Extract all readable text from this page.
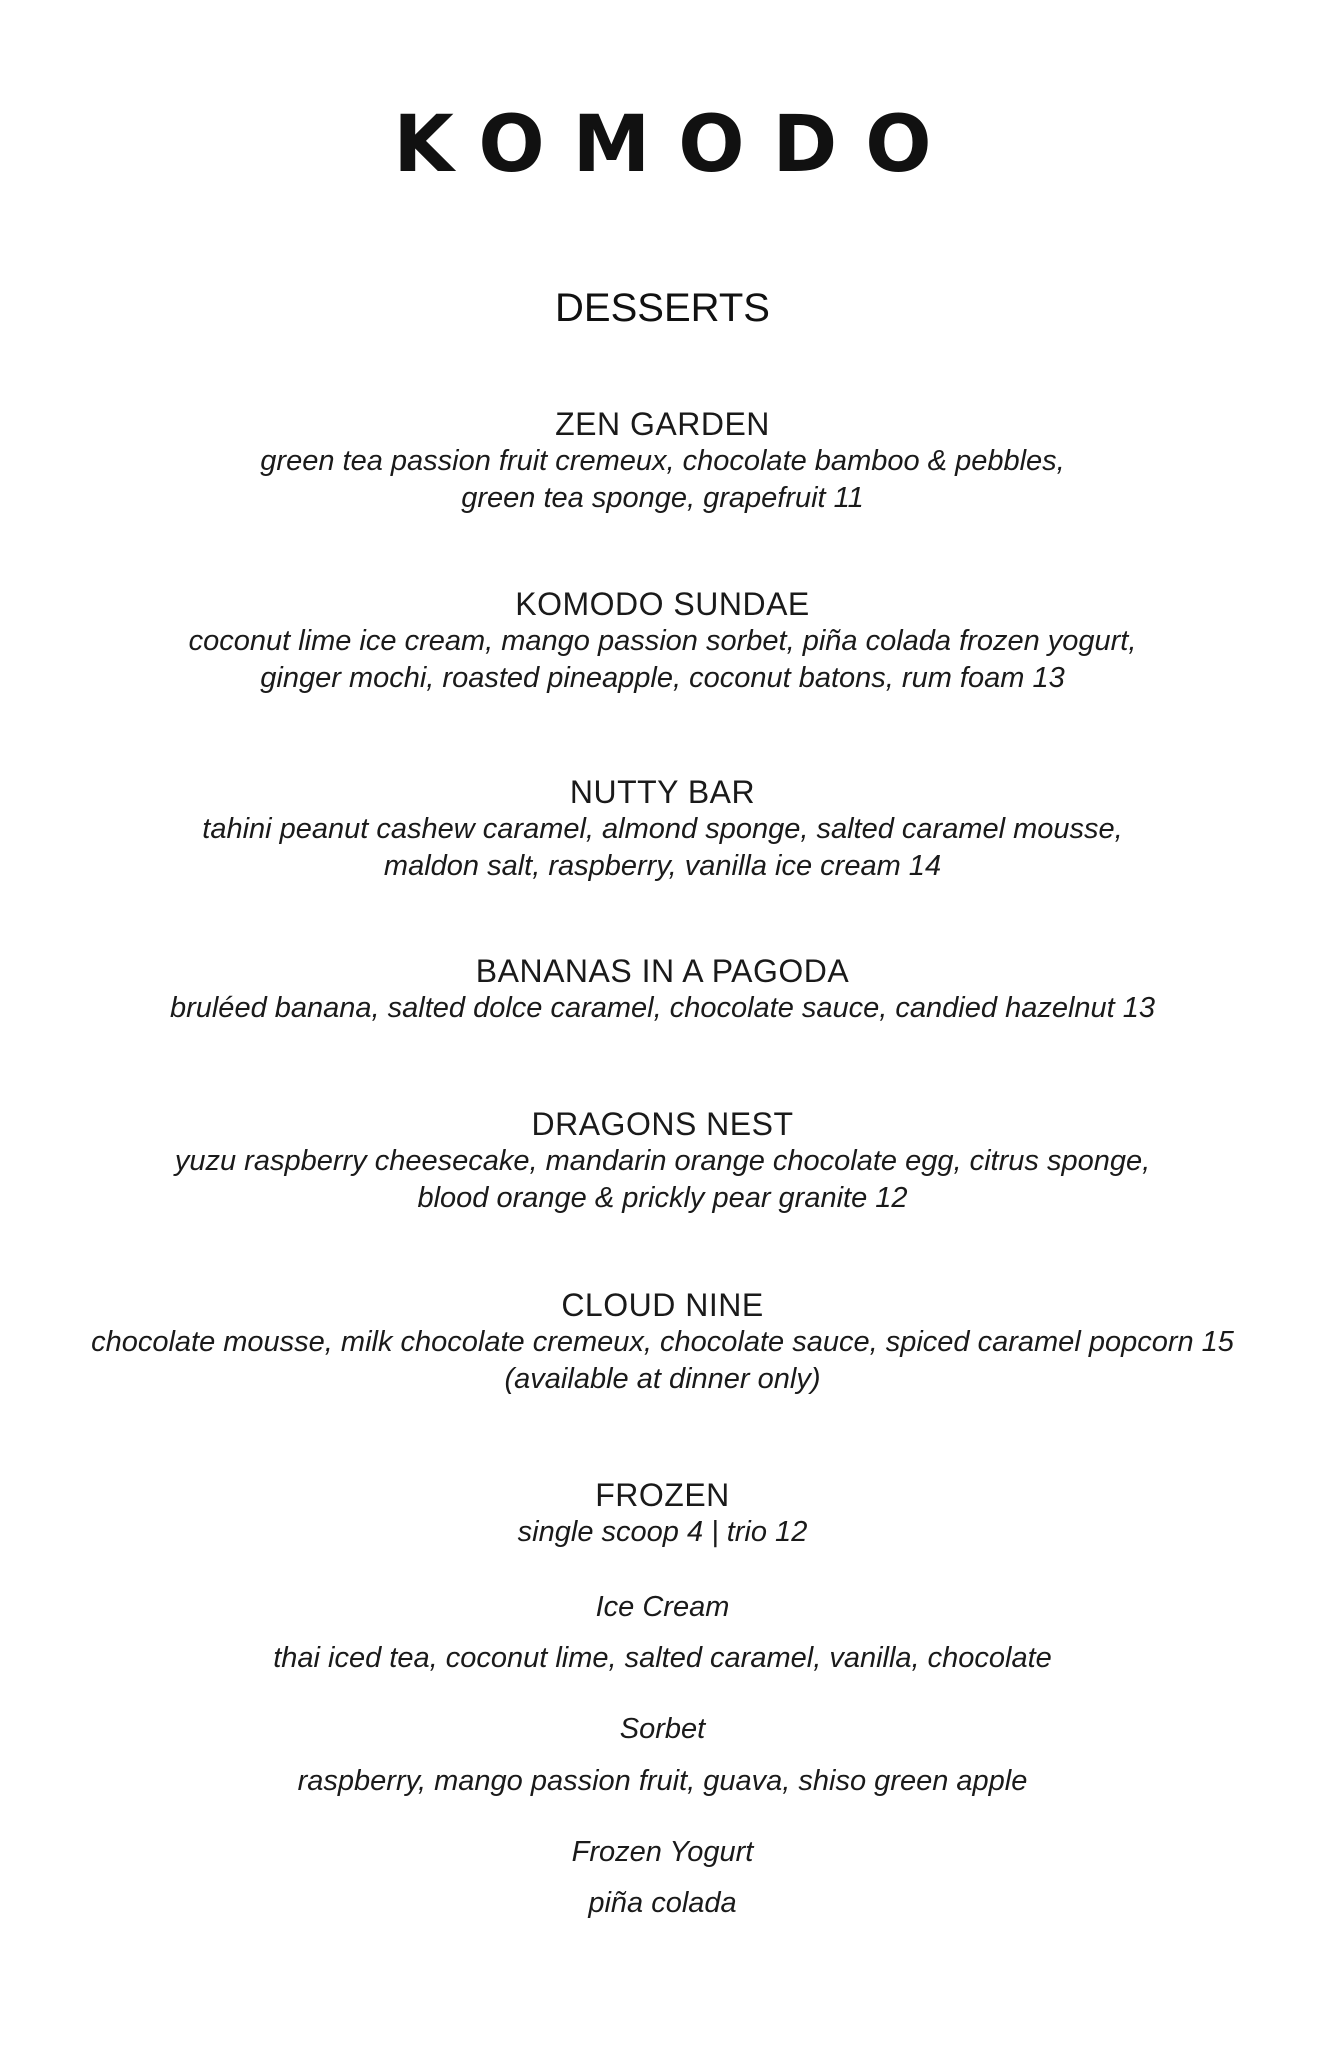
KOMODO
DESSERTS
ZEN GARDEN
green tea passion fruit cremeux, chocolate bamboo & pebbles,
green tea sponge, grapefruit 11
KOMODO SUNDAE
coconut lime ice cream, mango passion sorbet, piña colada frozen yogurt,
ginger mochi, roasted pineapple, coconut batons, rum foam 13
NUTTY BAR
tahini peanut cashew caramel, almond sponge, salted caramel mousse,
maldon salt, raspberry, vanilla ice cream 14
BANANAS IN A PAGODA
bruléed banana, salted dolce caramel, chocolate sauce, candied hazelnut 13
DRAGONS NEST
yuzu raspberry cheesecake, mandarin orange chocolate egg, citrus sponge,
blood orange & prickly pear granite 12
CLOUD NINE
chocolate mousse, milk chocolate cremeux, chocolate sauce, spiced caramel popcorn 15
(available at dinner only)
FROZEN
single scoop 4 | trio 12
Ice Cream
thai iced tea, coconut lime, salted caramel, vanilla, chocolate
Sorbet
raspberry, mango passion fruit, guava, shiso green apple
Frozen Yogurt
piña colada
